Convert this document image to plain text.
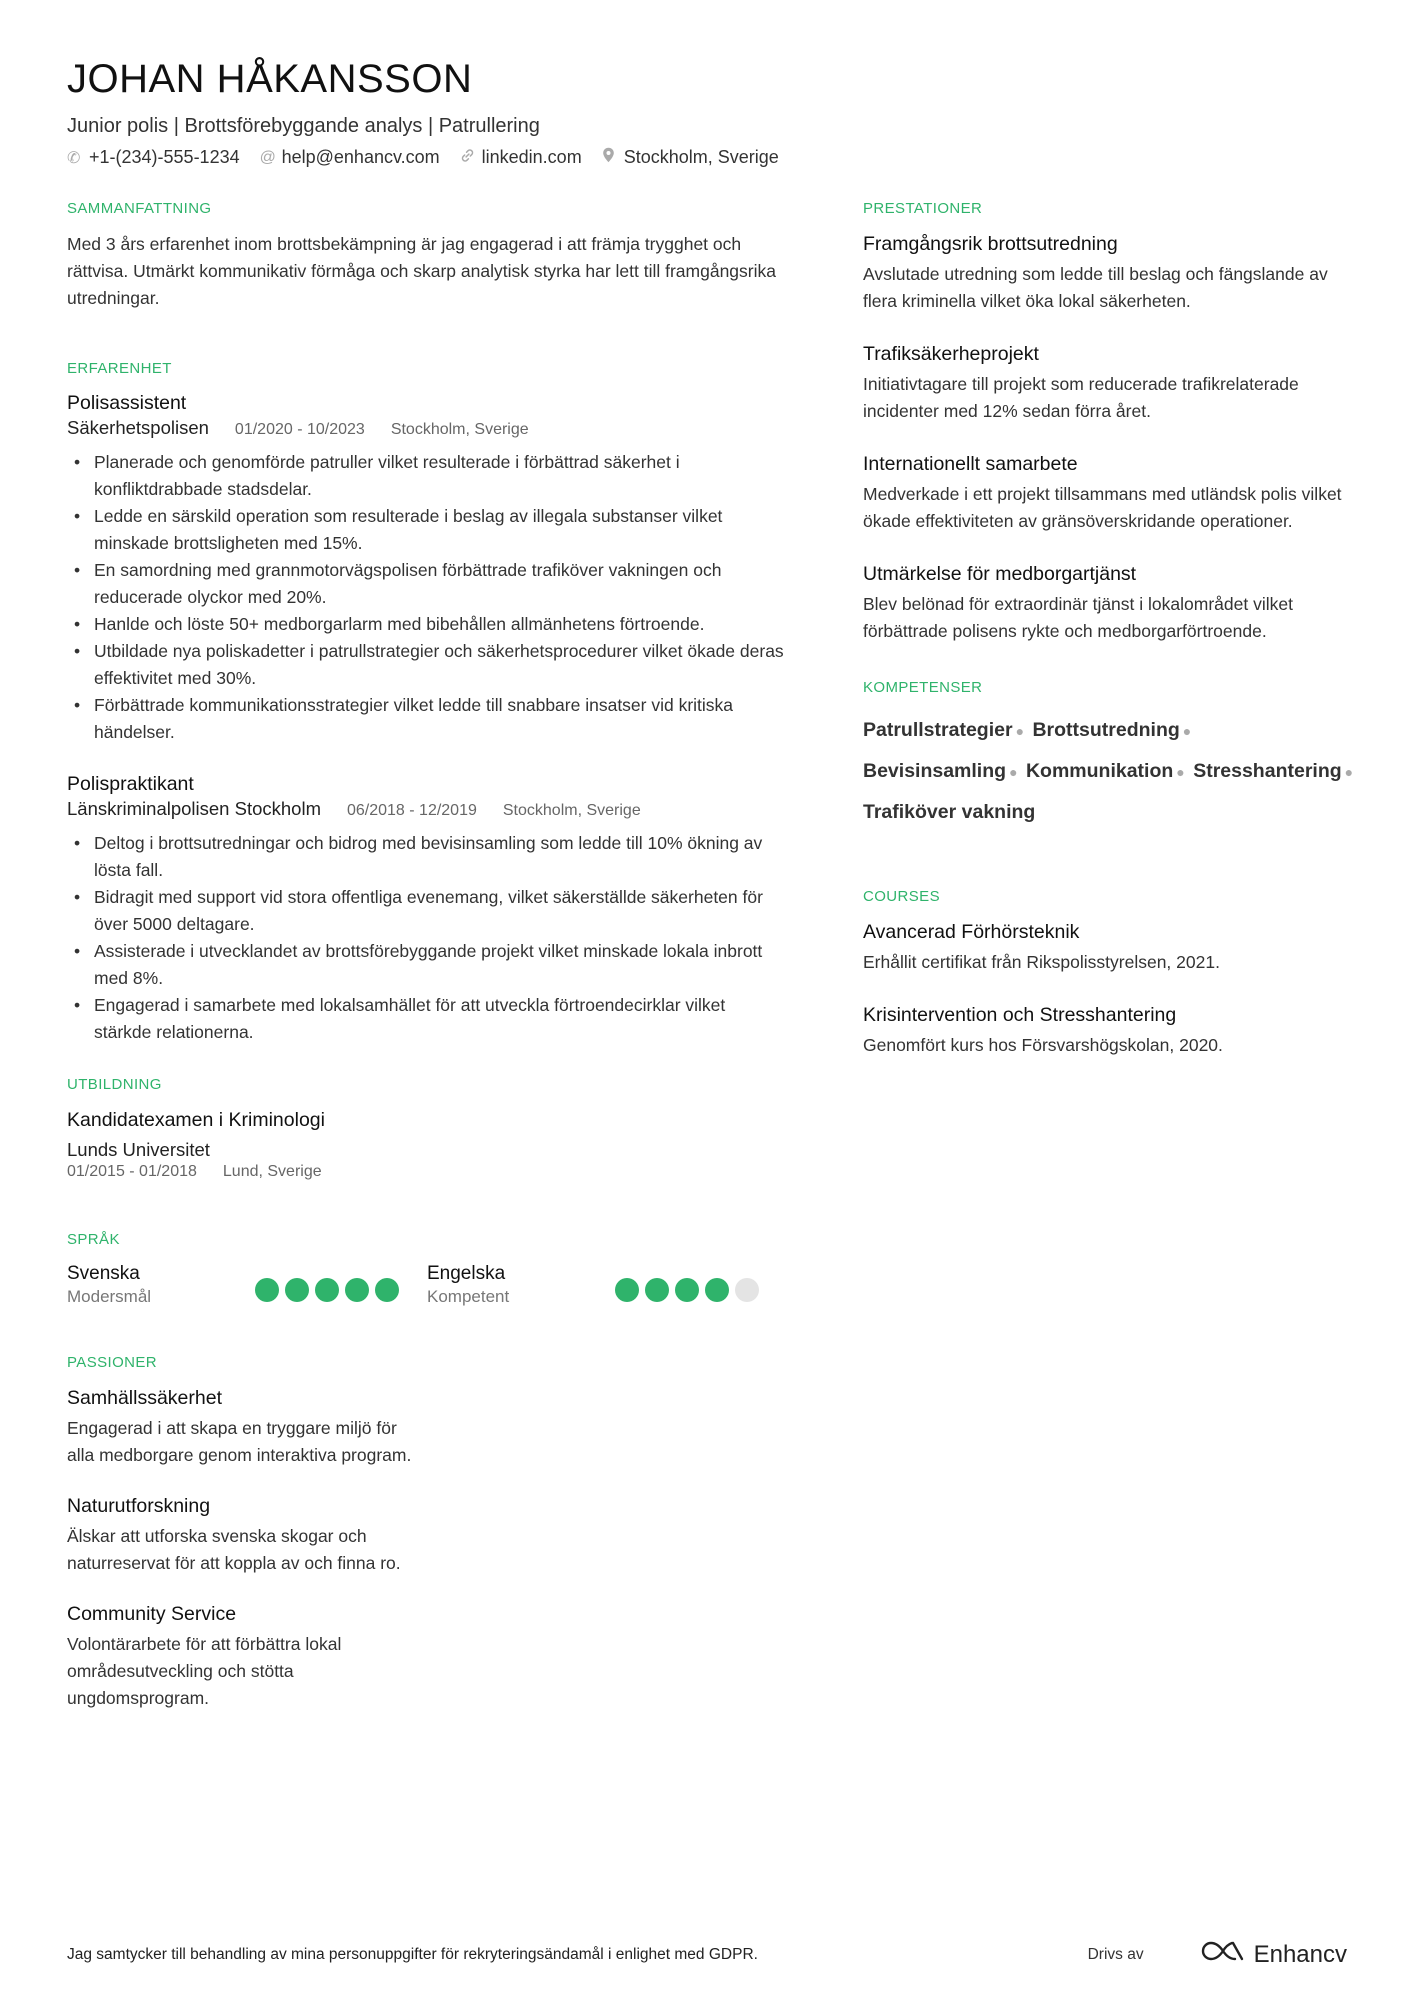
JOHAN HÅKANSSON
Junior polis | Brottsförebyggande analys | Patrullering
✆ +1-(234)-555-1234 @ help@enhancv.com linkedin.com Stockholm, Sverige
SAMMANFATTNING
Med 3 års erfarenhet inom brottsbekämpning är jag engagerad i att främja trygghet och rättvisa. Utmärkt kommunikativ förmåga och skarp analytisk styrka har lett till framgångsrika utredningar.
ERFARENHET
Polisassistent
Säkerhetspolisen 01/2020 - 10/2023 Stockholm, Sverige
• Planerade och genomförde patruller vilket resulterade i förbättrad säkerhet i konfliktdrabbade stadsdelar.
• Ledde en särskild operation som resulterade i beslag av illegala substanser vilket minskade brottsligheten med 15%.
• En samordning med grannmotorvägspolisen förbättrade trafiköver vakningen och reducerade olyckor med 20%.
• Hanlde och löste 50+ medborgarlarm med bibehållen allmänhetens förtroende.
• Utbildade nya poliskadetter i patrullstrategier och säkerhetsprocedurer vilket ökade deras effektivitet med 30%.
• Förbättrade kommunikationsstrategier vilket ledde till snabbare insatser vid kritiska händelser.
Polispraktikant
Länskriminalpolisen Stockholm 06/2018 - 12/2019 Stockholm, Sverige
• Deltog i brottsutredningar och bidrog med bevisinsamling som ledde till 10% ökning av lösta fall.
• Bidragit med support vid stora offentliga evenemang, vilket säkerställde säkerheten för över 5000 deltagare.
• Assisterade i utvecklandet av brottsförebyggande projekt vilket minskade lokala inbrott med 8%.
• Engagerad i samarbete med lokalsamhället för att utveckla förtroendecirklar vilket stärkde relationerna.
UTBILDNING
Kandidatexamen i Kriminologi
Lunds Universitet
01/2015 - 01/2018 Lund, Sverige
SPRÅK
Svenska
Modersmål
Engelska
Kompetent
PASSIONER
Samhällssäkerhet
Engagerad i att skapa en tryggare miljö för alla medborgare genom interaktiva program.
Naturutforskning
Älskar att utforska svenska skogar och naturreservat för att koppla av och finna ro.
Community Service
Volontärarbete för att förbättra lokal områdesutveckling och stötta ungdomsprogram.
PRESTATIONER
Framgångsrik brottsutredning
Avslutade utredning som ledde till beslag och fängslande av flera kriminella vilket öka lokal säkerheten.
Trafiksäkerheprojekt
Initiativtagare till projekt som reducerade trafikrelaterade incidenter med 12% sedan förra året.
Internationellt samarbete
Medverkade i ett projekt tillsammans med utländsk polis vilket ökade effektiviteten av gränsöverskridande operationer.
Utmärkelse för medborgartjänst
Blev belönad för extraordinär tjänst i lokalområdet vilket förbättrade polisens rykte och medborgarförtroende.
KOMPETENSER
Patrullstrategier ● Brottsutredning ●
Bevisinsamling ● Kommunikation ● Stresshantering ●
Trafiköver vakning
COURSES
Avancerad Förhörsteknik
Erhållit certifikat från Rikspolisstyrelsen, 2021.
Krisintervention och Stresshantering
Genomfört kurs hos Försvarshögskolan, 2020.
Jag samtycker till behandling av mina personuppgifter för rekryteringsändamål i enlighet med GDPR.	Drivs av	Enhancv
